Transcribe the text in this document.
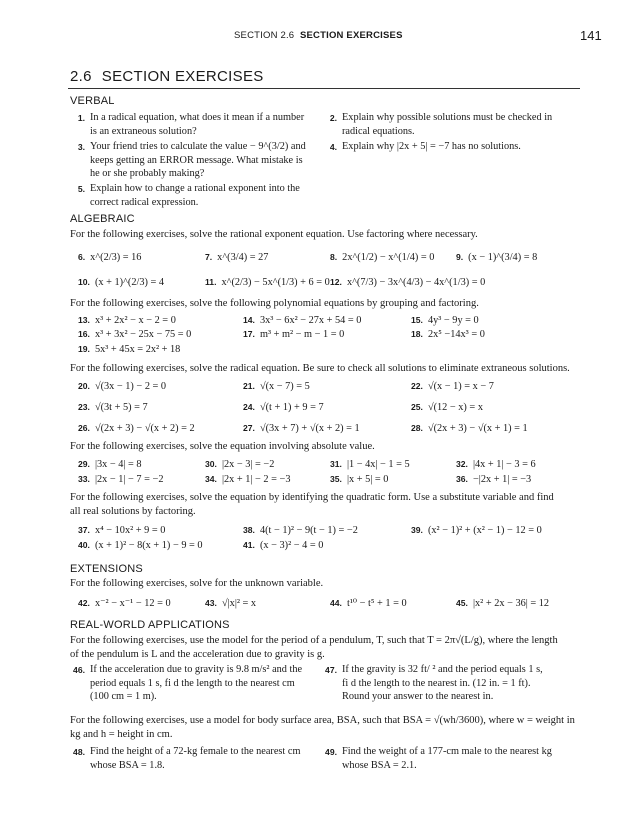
SECTION 2.6 SECTION EXERCISES	141
2.6 SECTION EXERCISES
VERBAL
1. In a radical equation, what does it mean if a number
is an extraneous solution?
2. Explain why possible solutions must be checked in
radical equations.
3. Your friend tries to calculate the value − 9^(3/2) and
keeps getting an ERROR message. What mistake is
he or she probably making?
4. Explain why |2x + 5| = −7 has no solutions.
5. Explain how to change a rational exponent into the
correct radical expression.
ALGEBRAIC
For the following exercises, solve the rational exponent equation. Use factoring where necessary.
6. x^(2/3) = 16	7. x^(3/4) = 27	8. 2x^(1/2) − x^(1/4) = 0	9. (x − 1)^(3/4) = 8
10. (x + 1)^(2/3) = 4	11. x^(2/3) − 5x^(1/3) + 6 = 0 12. x^(7/3) − 3x^(4/3) − 4x^(1/3) = 0
For the following exercises, solve the following polynomial equations by grouping and factoring.
13. x³ + 2x² − x − 2 = 0	14. 3x³ − 6x² − 27x + 54 = 0	15. 4y³ − 9y = 0
16. x³ + 3x² − 25x − 75 = 0	17. m³ + m² − m − 1 = 0	18. 2x⁵ −14x³ = 0
19. 5x³ + 45x = 2x² + 18
For the following exercises, solve the radical equation. Be sure to check all solutions to eliminate extraneous solutions.
20. √(3x − 1) − 2 = 0	21. √(x − 7) = 5	22. √(x − 1) = x − 7
23. √(3t + 5) = 7	24. √(t + 1) + 9 = 7	25. √(12 − x) = x
26. √(2x + 3) − √(x + 2) = 2	27. √(3x + 7) + √(x + 2) = 1	28. √(2x + 3) − √(x + 1) = 1
For the following exercises, solve the equation involving absolute value.
29. |3x − 4| = 8	30. |2x − 3| = −2	31. |1 − 4x| − 1 = 5	32. |4x + 1| − 3 = 6
33. |2x − 1| − 7 = −2	34. |2x + 1| − 2 = −3	35. |x + 5| = 0	36. −|2x + 1| = −3
For the following exercises, solve the equation by identifying the quadratic form. Use a substitute variable and find
all real solutions by factoring.
37. x⁴ − 10x² + 9 = 0	38. 4(t − 1)² − 9(t − 1) = −2	39. (x² − 1)² + (x² − 1) − 12 = 0
40. (x + 1)² − 8(x + 1) − 9 = 0	41. (x − 3)² − 4 = 0
EXTENSIONS
For the following exercises, solve for the unknown variable.
42. x⁻² − x⁻¹ − 12 = 0	43. √|x|² = x	44. t¹⁰ − t⁵ + 1 = 0	45. |x² + 2x − 36| = 12
REAL-WORLD APPLICATIONS
For the following exercises, use the model for the period of a pendulum, T, such that T = 2π√(L/g), where the length
of the pendulum is L and the acceleration due to gravity is g.
46. If the acceleration due to gravity is 9.8 m/s² and the
period equals 1 s, fi d the length to the nearest cm
(100 cm = 1 m).
47. If the gravity is 32 ft/ ² and the period equals 1 s,
fi d the length to the nearest in. (12 in. = 1 ft).
Round your answer to the nearest in.
For the following exercises, use a model for body surface area, BSA, such that BSA = √(wh/3600), where w = weight in
kg and h = height in cm.
48. Find the height of a 72-kg female to the nearest cm
whose BSA = 1.8.
49. Find the weight of a 177-cm male to the nearest kg
whose BSA = 2.1.
